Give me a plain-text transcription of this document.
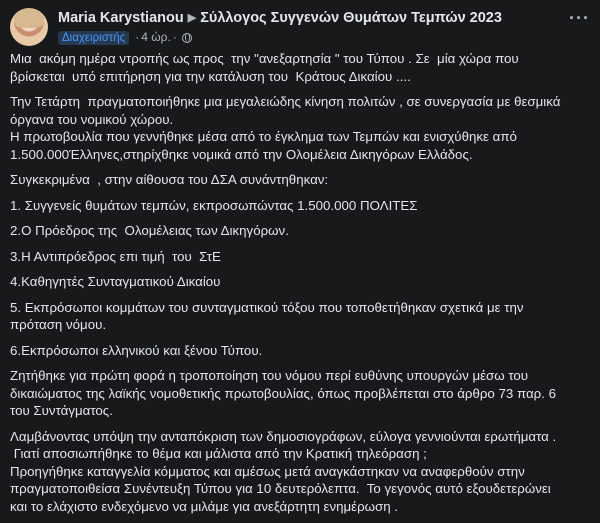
Maria Karystianou ▶ Σύλλογος Συγγενών Θυμάτων Τεμπών 2023
Διαχειριστής · 4 ώρ. ·
···

Μια  ακόμη ημέρα ντροπής ως προς  την "ανεξαρτησία " του Τύπου . Σε  μία χώρα που
βρίσκεται  υπό επιτήρηση για την κατάλυση του  Κράτους Δικαίου ....

Την Τετάρτη  πραγματοποιήθηκε μια μεγαλειώδης κίνηση πολιτών , σε συνεργασία με θεσμικά
όργανα του νομικού χώρου.
Η πρωτοβουλία που γεννήθηκε μέσα από το έγκλημα των Τεμπών και ενισχύθηκε από
1.500.000Έλληνες,στηρίχθηκε νομικά από την Ολομέλεια Δικηγόρων Ελλάδος.

Συγκεκριμένα  , στην αίθουσα του ΔΣΑ συνάντηθηκαν:

1. Συγγενείς θυμάτων τεμπών, εκπροσωπώντας 1.500.000 ΠΟΛΙΤΕΣ

2.Ο Πρόεδρος της  Ολομέλειας των Δικηγόρων.

3.Η Αντιπρόεδρος επι τιμή  του  ΣτΕ

4.Καθηγητές Συνταγματικού Δικαίου

5. Εκπρόσωποι κομμάτων του συνταγματικού τόξου που τοποθετήθηκαν σχετικά με την
πρόταση νόμου.

6.Εκπρόσωποι ελληνικού και ξένου Τύπου.

Ζητήθηκε για πρώτη φορά η τροποποίηση του νόμου περί ευθύνης υπουργών μέσω του
δικαιώματος της λαϊκής νομοθετικής πρωτοβουλίας, όπως προβλέπεται στο άρθρο 73 παρ. 6
του Συντάγματος.

Λαμβάνοντας υπόψη την ανταπόκριση των δημοσιογράφων, εύλογα γεννιούνται ερωτήματα .
Γιατί αποσιωπήθηκε το θέμα και μάλιστα από την Κρατική τηλεόραση ;
Προηγήθηκε καταγγελία κόμματος και αμέσως μετά αναγκάστηκαν να αναφερθούν στην
πραγματοποιθείσα Συνέντευξη Τύπου για 10 δευτερόλεπτα.  Το γεγονός αυτό εξουδετερώνει
και το ελάχιστο ενδεχόμενο να μιλάμε για ανεξάρτητη ενημέρωση .
